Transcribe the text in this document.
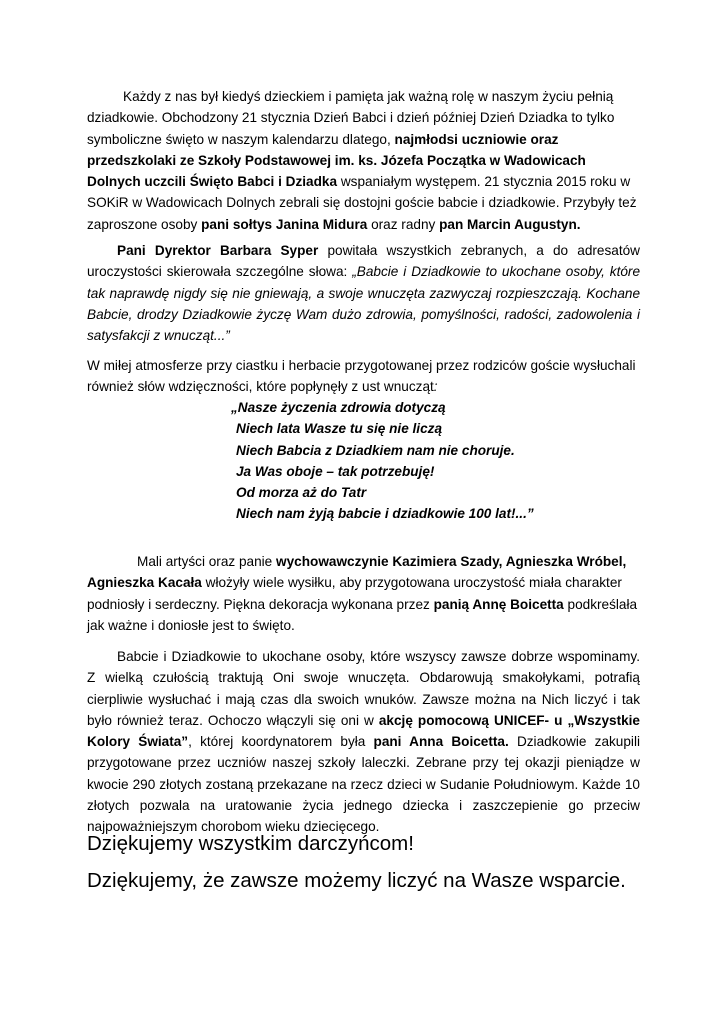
Każdy z nas był kiedyś dzieckiem i pamięta jak ważną rolę w naszym życiu pełnią dziadkowie. Obchodzony 21 stycznia Dzień Babci i dzień później Dzień Dziadka to tylko symboliczne święto w naszym kalendarzu dlatego, najmłodsi uczniowie oraz przedszkolaki ze Szkoły Podstawowej im. ks. Józefa Początka w Wadowicach Dolnych uczcili Święto Babci i Dziadka wspaniałym występem. 21 stycznia 2015 roku w SOKiR w Wadowicach Dolnych zebrali się dostojni goście babcie i dziadkowie. Przybyły też zaproszone osoby pani sołtys Janina Midura oraz radny pan Marcin Augustyn.

Pani Dyrektor Barbara Syper powitała wszystkich zebranych, a do adresatów uroczystości skierowała szczególne słowa: „Babcie i Dziadkowie to ukochane osoby, które tak naprawdę nigdy się nie gniewają, a swoje wnuczęta zazwyczaj rozpieszczają. Kochane Babcie, drodzy Dziadkowie życzę Wam dużo zdrowia, pomyślności, radości, zadowolenia i satysfakcji z wnucząt...”

W miłej atmosferze przy ciastku i herbacie przygotowanej przez rodziców goście wysłuchali również słów wdzięczności, które popłynęły z ust wnucząt:

„Nasze życzenia zdrowia dotyczą
Niech lata Wasze tu się nie liczą
Niech Babcia z Dziadkiem nam nie choruje.
Ja Was oboje – tak potrzebuję!
Od morza aż do Tatr
Niech nam żyją babcie i dziadkowie 100 lat!...”

Mali artyści oraz panie wychowawczynie Kazimiera Szady, Agnieszka Wróbel, Agnieszka Kacała włożyły wiele wysiłku, aby przygotowana uroczystość miała charakter podniosły i serdeczny. Piękna dekoracja wykonana przez panią Annę Boicetta podkreślała jak ważne i doniosłe jest to święto.

Babcie i Dziadkowie to ukochane osoby, które wszyscy zawsze dobrze wspominamy. Z wielką czułością traktują Oni swoje wnuczęta. Obdarowują smakołykami, potrafią cierpliwie wysłuchać i mają czas dla swoich wnuków. Zawsze można na Nich liczyć i tak było również teraz. Ochoczo włączyli się oni w akcję pomocową UNICEF- u „Wszystkie Kolory Świata”, której koordynatorem była pani Anna Boicetta. Dziadkowie zakupili przygotowane przez uczniów naszej szkoły laleczki. Zebrane przy tej okazji pieniądze w kwocie 290 złotych zostaną przekazane na rzecz dzieci w Sudanie Południowym. Każde 10 złotych pozwala na uratowanie życia jednego dziecka i zaszczepienie go przeciw najpoważniejszym chorobom wieku dziecięcego.

Dziękujemy wszystkim darczyńcom!

Dziękujemy, że zawsze możemy liczyć na Wasze wsparcie.
